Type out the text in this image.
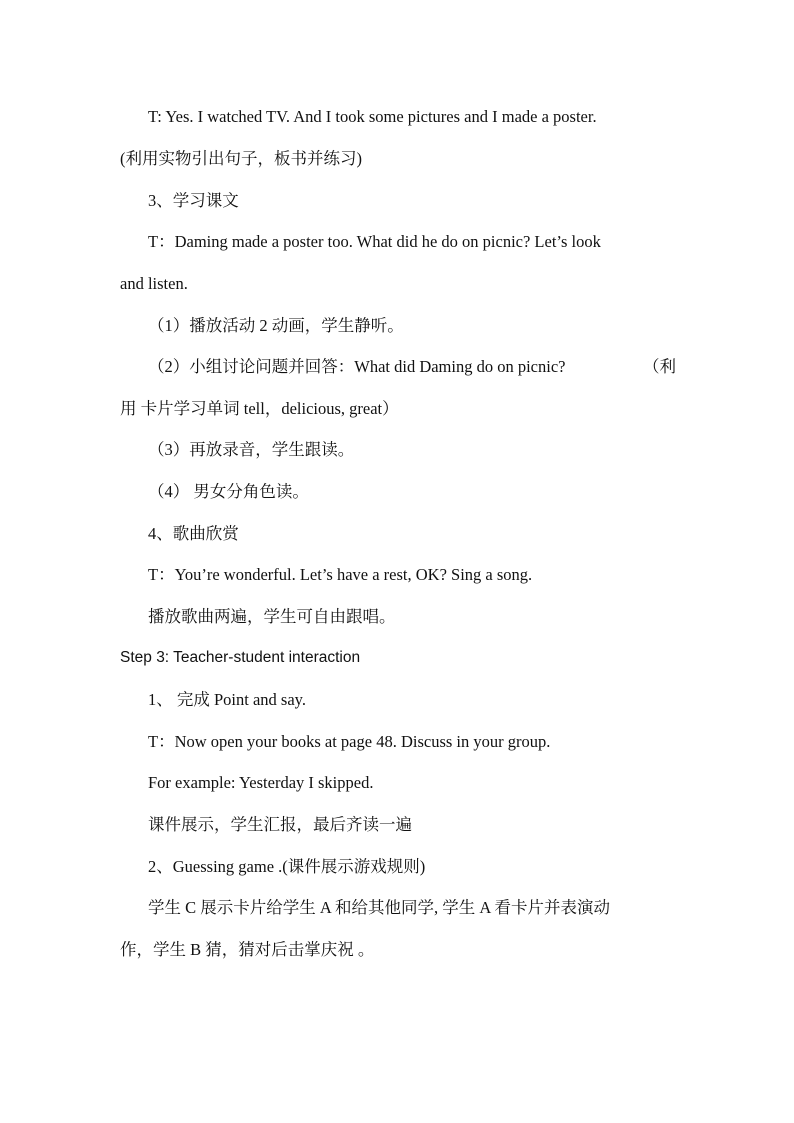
T: Yes. I watched TV. And I took some pictures and I made a poster.
(利用实物引出句子，板书并练习)
3、学习课文
T：Daming made a poster too. What did he do on picnic? Let’s look
and listen.
（1）播放活动 2 动画，学生静听。
（2）小组讨论问题并回答：What did Daming do on picnic?	（利
用 卡片学习单词 tell，delicious, great）
（3）再放录音，学生跟读。
（4） 男女分角色读。
4、歌曲欣赏
T：You’re wonderful. Let’s have a rest, OK? Sing a song.
播放歌曲两遍，学生可自由跟唱。
Step 3: Teacher-student interaction
1、 完成 Point and say.
T：Now open your books at page 48. Discuss in your group.
For example: Yesterday I skipped.
课件展示，学生汇报，最后齐读一遍
2、Guessing game .(课件展示游戏规则)
学生 C 展示卡片给学生 A 和给其他同学, 学生 A 看卡片并表演动
作，学生 B 猜，猜对后击掌庆祝 。
